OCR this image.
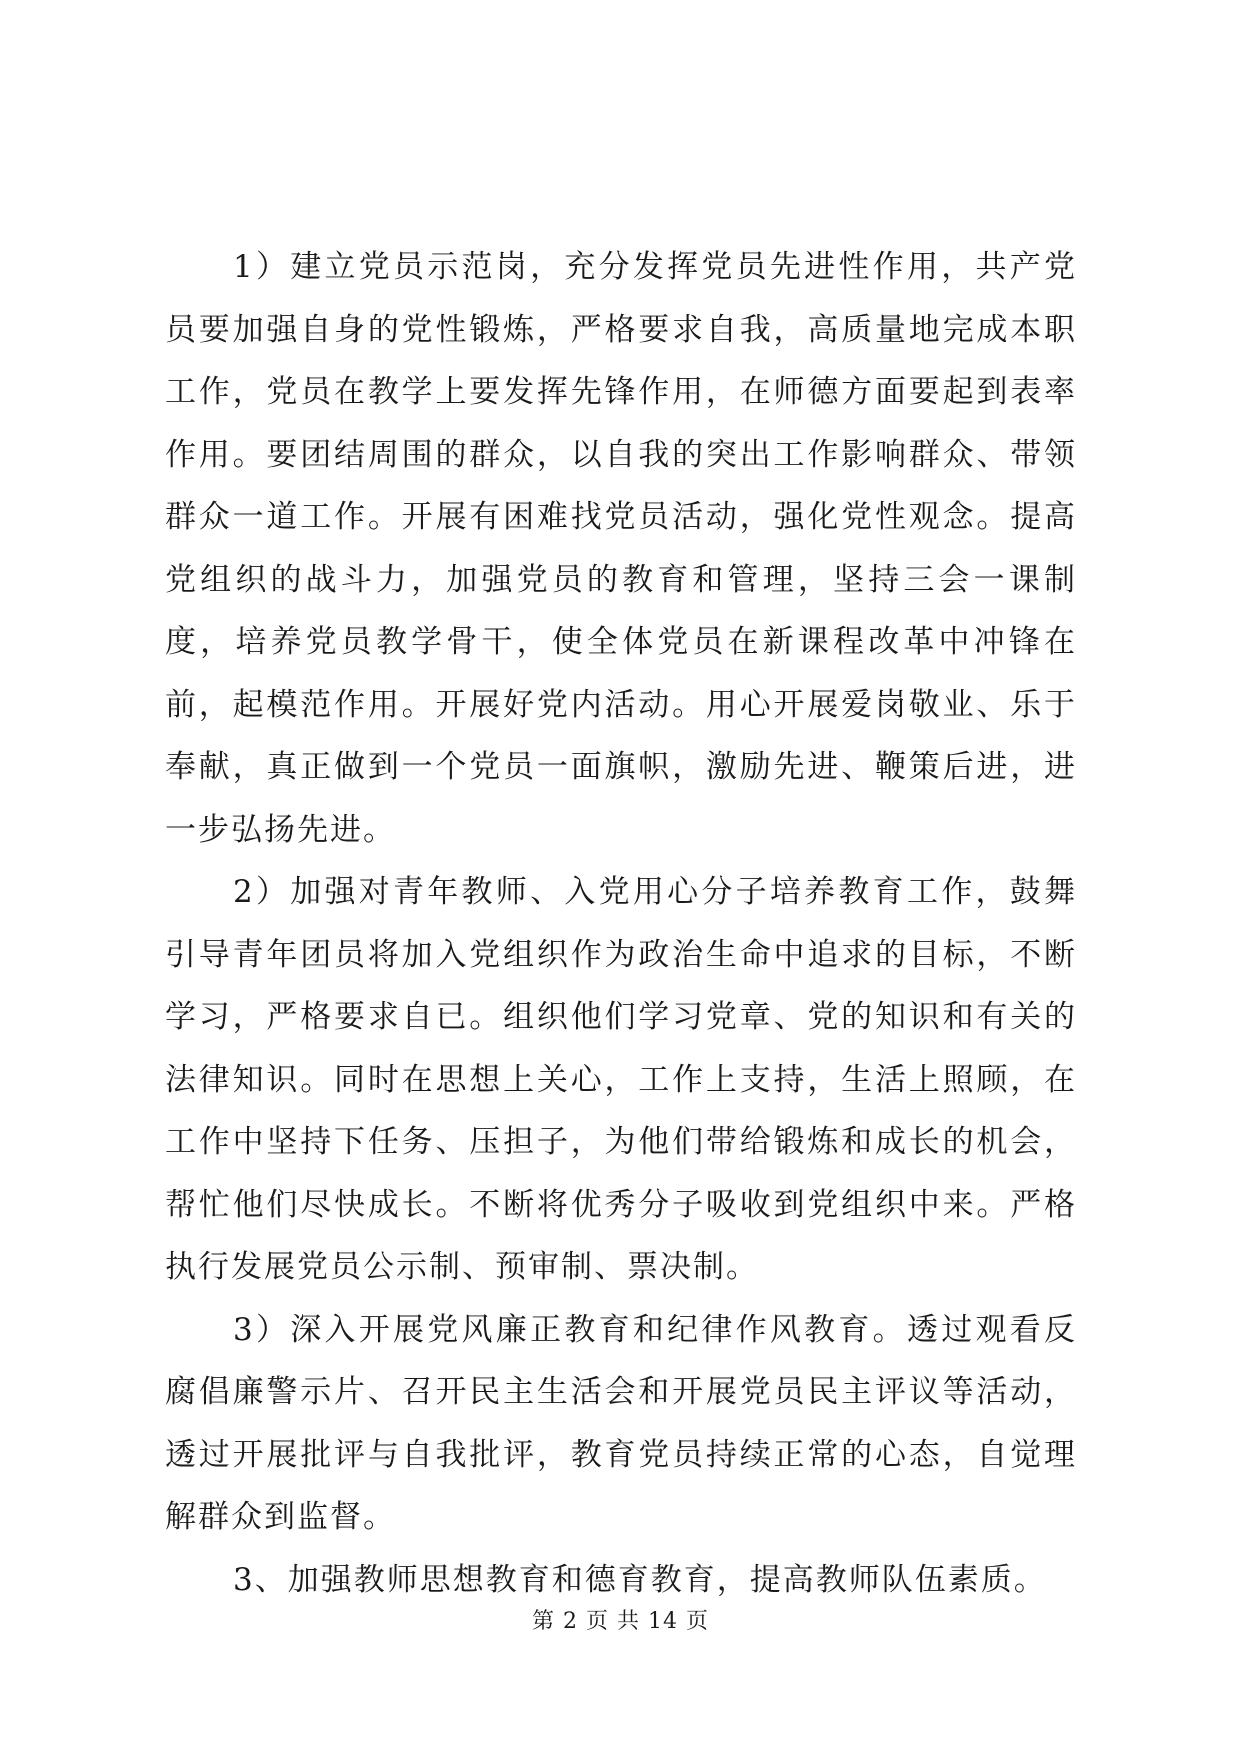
1）建立党员示范岗，充分发挥党员先进性作用，共产党员要加强自身的党性锻炼，严格要求自我，高质量地完成本职工作，党员在教学上要发挥先锋作用，在师德方面要起到表率作用。要团结周围的群众，以自我的突出工作影响群众、带领群众一道工作。开展有困难找党员活动，强化党性观念。提高党组织的战斗力，加强党员的教育和管理，坚持三会一课制度，培养党员教学骨干，使全体党员在新课程改革中冲锋在前，起模范作用。开展好党内活动。用心开展爱岗敬业、乐于奉献，真正做到一个党员一面旗帜，激励先进、鞭策后进，进一步弘扬先进。

2）加强对青年教师、入党用心分子培养教育工作，鼓舞引导青年团员将加入党组织作为政治生命中追求的目标，不断学习，严格要求自已。组织他们学习党章、党的知识和有关的法律知识。同时在思想上关心，工作上支持，生活上照顾，在工作中坚持下任务、压担子，为他们带给锻炼和成长的机会，帮忙他们尽快成长。不断将优秀分子吸收到党组织中来。严格执行发展党员公示制、预审制、票决制。

3）深入开展党风廉正教育和纪律作风教育。透过观看反腐倡廉警示片、召开民主生活会和开展党员民主评议等活动，透过开展批评与自我批评，教育党员持续正常的心态，自觉理解群众到监督。

3、加强教师思想教育和德育教育，提高教师队伍素质。

第 2 页 共 14 页
